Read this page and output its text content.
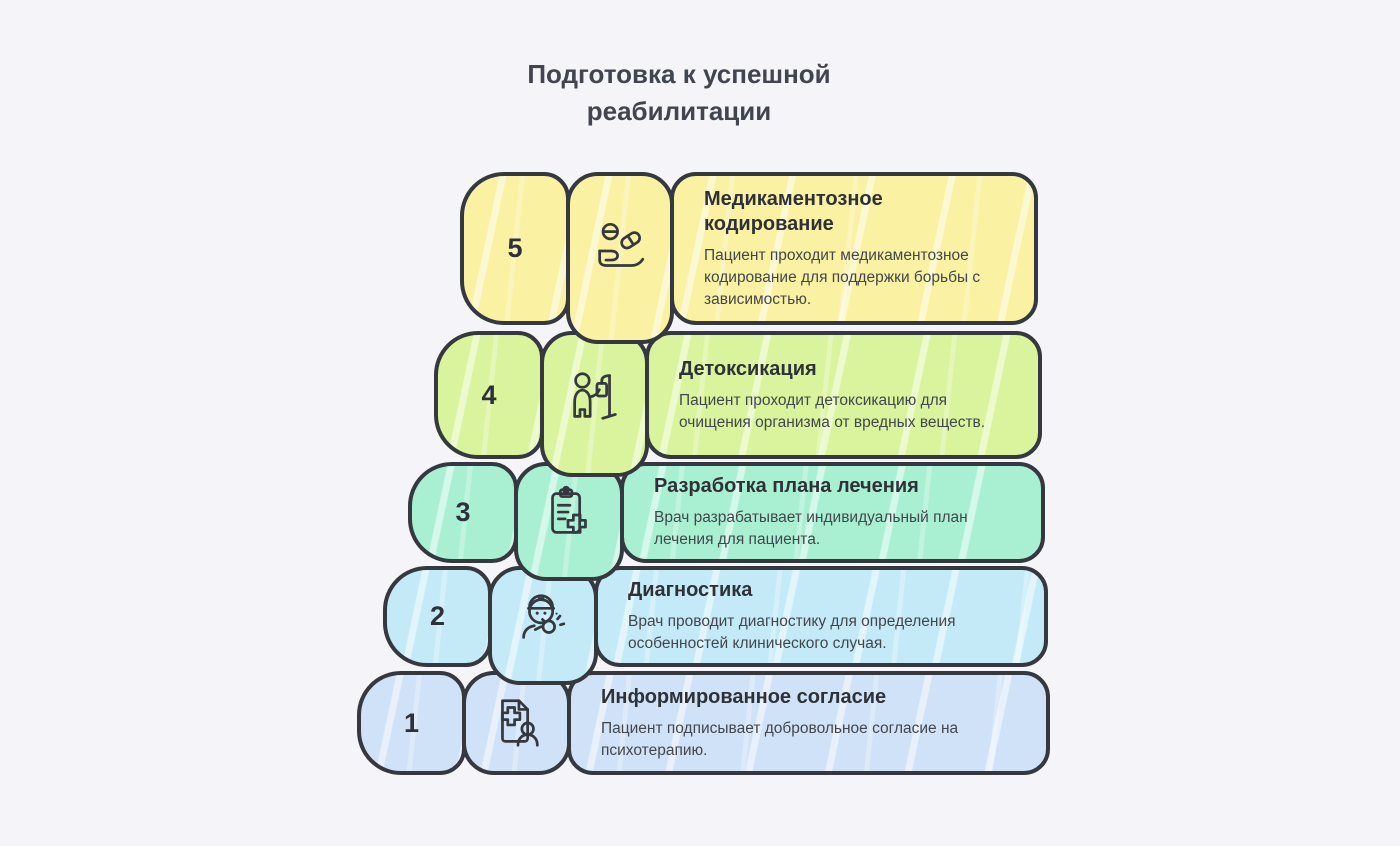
Подготовка к успешной реабилитации
5
Медикаментозное кодирование

Пациент проходит медикаментозное кодирование для поддержки борьбы с зависимостью.

4
Детоксикация

Пациент проходит детоксикацию для очищения организма от вредных веществ.

3
Разработка плана лечения

Врач разрабатывает индивидуальный план лечения для пациента.

2
Диагностика

Врач проводит диагностику для определения особенностей клинического случая.

1
Информированное согласие

Пациент подписывает добровольное согласие на психотерапию.
